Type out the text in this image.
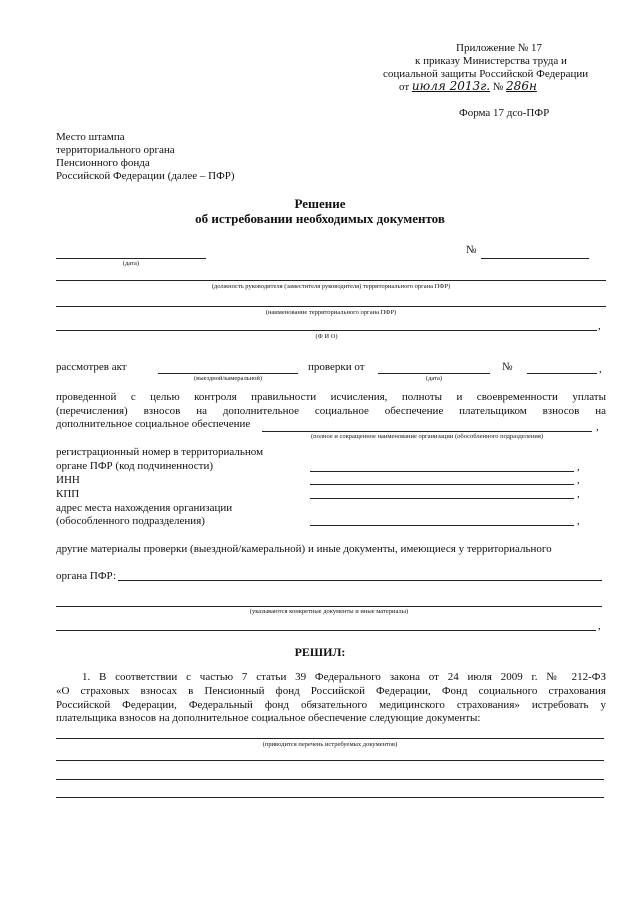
Приложение № 17
к приказу Министерства труда и
социальной защиты Российской Федерации
от июля 2013г. № 286н
Форма 17 дсо-ПФР
Место штампа
территориального органа
Пенсионного фонда
Российской Федерации (далее – ПФР)
Решение
об истребовании необходимых документов
№
(дата)
(должность руководителя (заместителя руководителя) территориального органа ПФР)
(наименование территориального органа ПФР)
,
(Ф И О)
рассмотрев акт	проверки от	№	,
(выездной/камеральной)	(дата)
проведенной с целью контроля правильности исчисления, полноты и своевременности уплаты
(перечисления) взносов на дополнительное социальное обеспечение плательщиком взносов на
дополнительное социальное обеспечение	,
(полное и сокращенное наименование организации (обособленного подразделения)
регистрационный номер в территориальном
органе ПФР (код подчиненности)	,
ИНН	,
КПП	,
адрес места нахождения организации
(обособленного подразделения)	,
другие материалы проверки (выездной/камеральной) и иные документы, имеющиеся у территориального
органа ПФР:
(указываются конкретные документы и иные материалы)
,
РЕШИЛ:
1. В соответствии с частью 7 статьи 39 Федерального закона от 24 июля 2009 г. № 212-ФЗ
«О страховых взносах в Пенсионный фонд Российской Федерации, Фонд социального страхования
Российской Федерации, Федеральный фонд обязательного медицинского страхования» истребовать у
плательщика взносов на дополнительное социальное обеспечение следующие документы:
(приводится перечень истребуемых документов)
